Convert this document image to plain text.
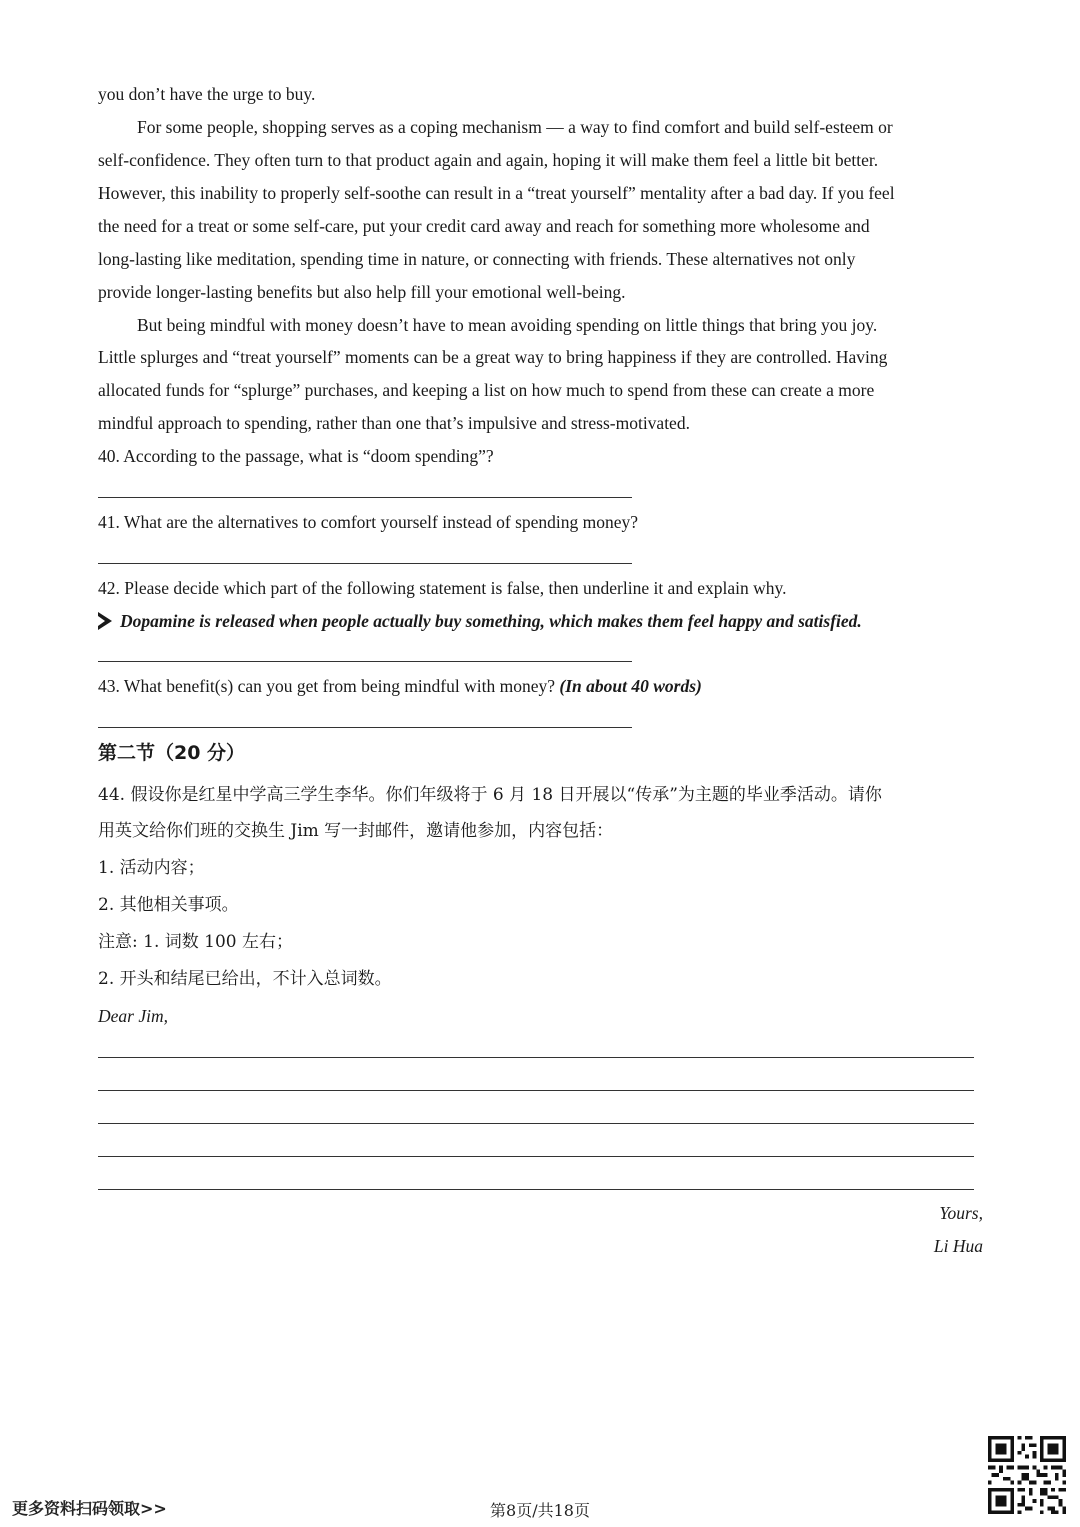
you don’t have the urge to buy.
For some people, shopping serves as a coping mechanism — a way to find comfort and build self-esteem or
self-confidence. They often turn to that product again and again, hoping it will make them feel a little bit better.
However, this inability to properly self-soothe can result in a “treat yourself” mentality after a bad day. If you feel
the need for a treat or some self-care, put your credit card away and reach for something more wholesome and
long-lasting like meditation, spending time in nature, or connecting with friends. These alternatives not only
provide longer-lasting benefits but also help fill your emotional well-being.
But being mindful with money doesn’t have to mean avoiding spending on little things that bring you joy.
Little splurges and “treat yourself” moments can be a great way to bring happiness if they are controlled. Having
allocated funds for “splurge” purchases, and keeping a list on how much to spend from these can create a more
mindful approach to spending, rather than one that’s impulsive and stress-motivated.
40. According to the passage, what is “doom spending”?
41. What are the alternatives to comfort yourself instead of spending money?
42. Please decide which part of the following statement is false, then underline it and explain why.
Dopamine is released when people actually buy something, which makes them feel happy and satisfied.
43. What benefit(s) can you get from being mindful with money? (In about 40 words)
第二节（20 分）
44. 假设你是红星中学高三学生李华。你们年级将于 6 月 18 日开展以“传承”为主题的毕业季活动。请你
用英文给你们班的交换生 Jim 写一封邮件，邀请他参加，内容包括：
1. 活动内容；
2. 其他相关事项。
注意: 1. 词数 100 左右；
2. 开头和结尾已给出，不计入总词数。
Dear Jim,
Yours,
Li Hua
更多资料扫码领取>>	第8页/共18页
